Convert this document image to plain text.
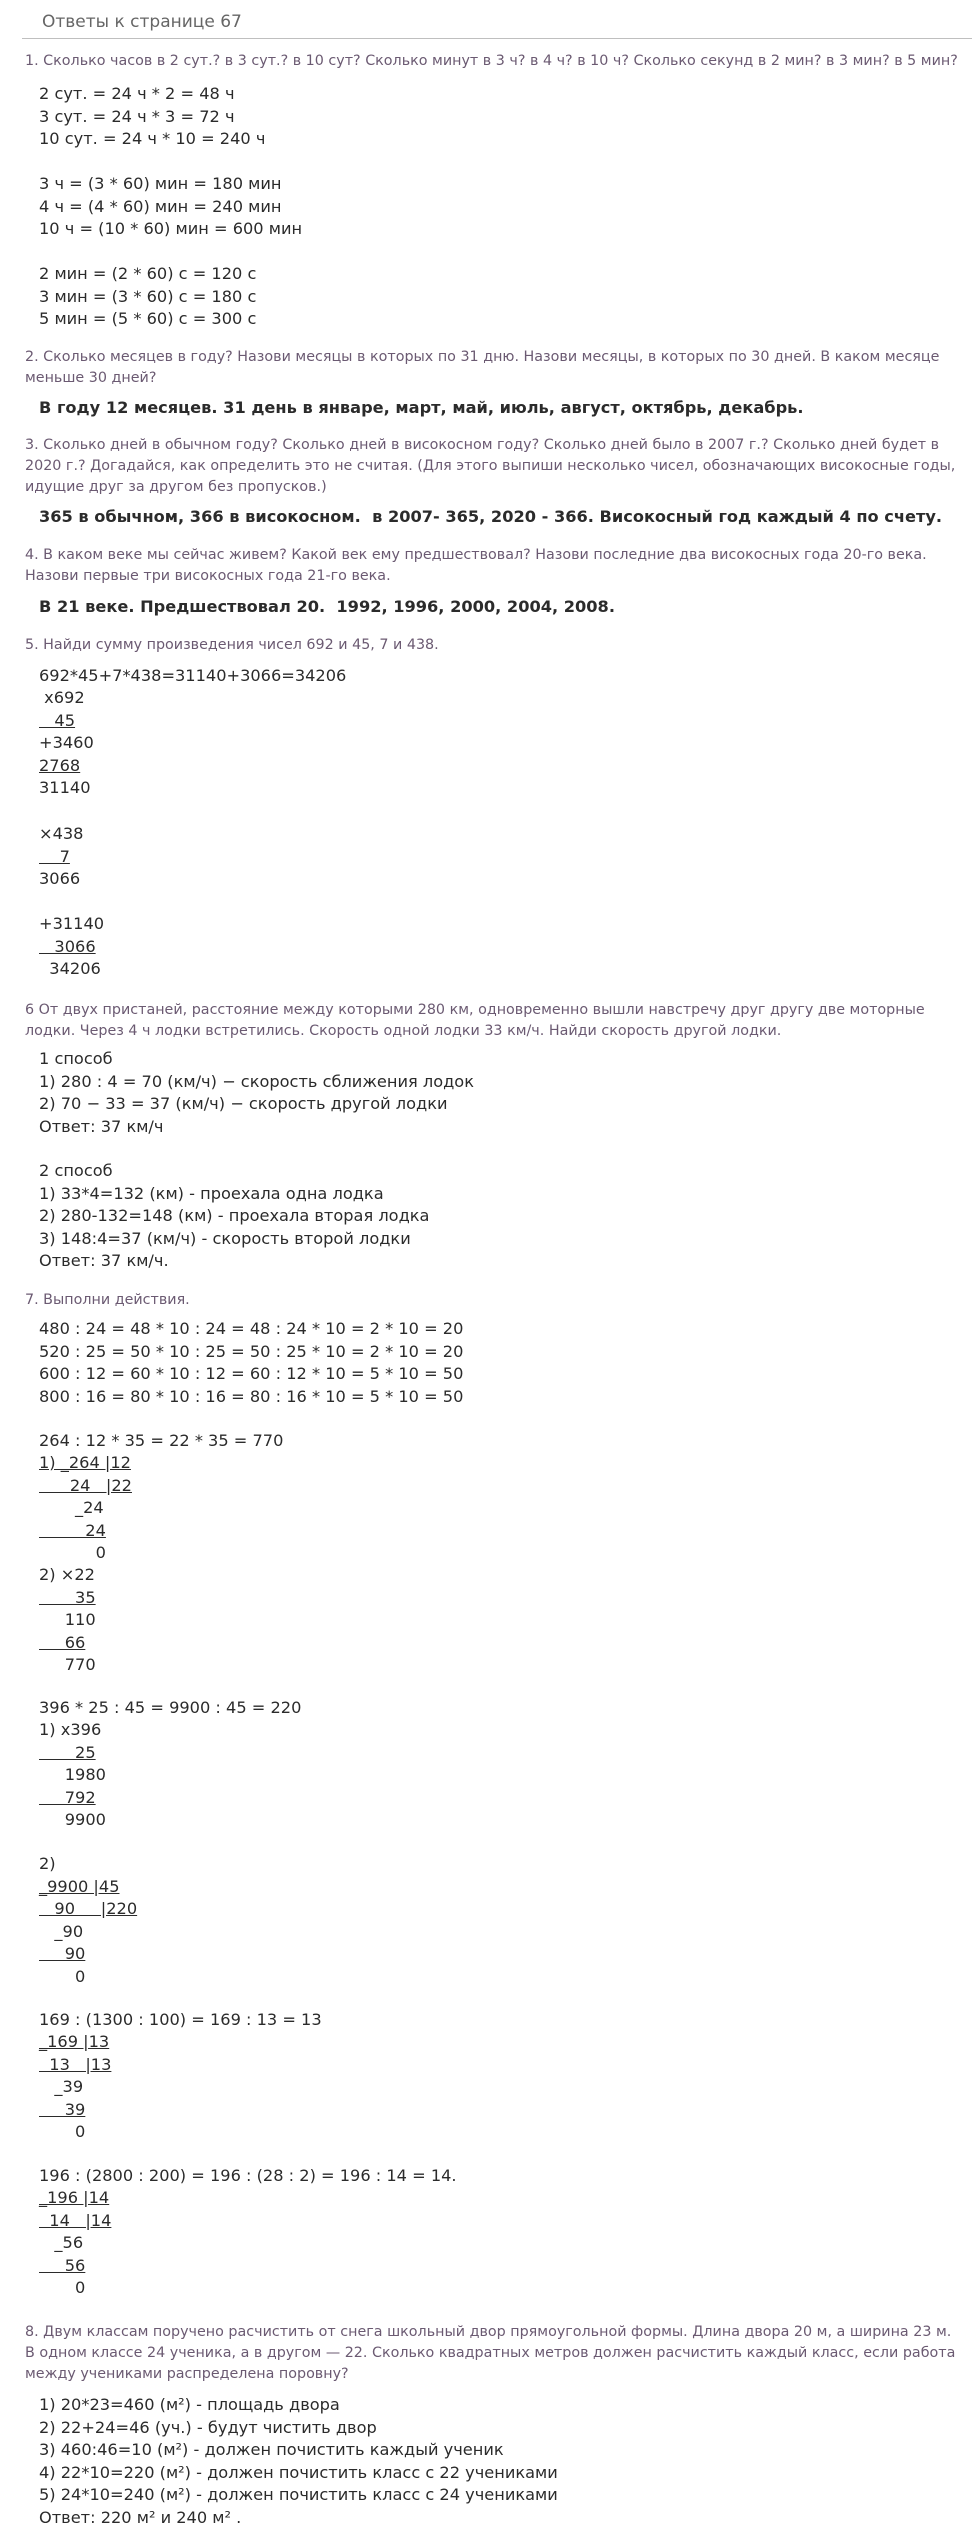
Ответы к странице 67
1. Сколько часов в 2 сут.? в 3 сут.? в 10 сут? Сколько минут в 3 ч? в 4 ч? в 10 ч? Сколько секунд в 2 мин? в 3 мин? в 5 мин?
2 сут. = 24 ч * 2 = 48 ч
3 сут. = 24 ч * 3 = 72 ч
10 сут. = 24 ч * 10 = 240 ч
3 ч = (3 * 60) мин = 180 мин
4 ч = (4 * 60) мин = 240 мин
10 ч = (10 * 60) мин = 600 мин
2 мин = (2 * 60) с = 120 с
3 мин = (3 * 60) с = 180 с
5 мин = (5 * 60) с = 300 с
2. Сколько месяцев в году? Назови месяцы в которых по 31 дню. Назови месяцы, в которых по 30 дней. В каком месяце меньше 30 дней?
В году 12 месяцев. 31 день в январе, март, май, июль, август, октябрь, декабрь.
3. Сколько дней в обычном году? Сколько дней в високосном году? Сколько дней было в 2007 г.? Сколько дней будет в 2020 г.? Догадайся, как определить это не считая. (Для этого выпиши несколько чисел, обозначающих високосные годы, идущие друг за другом без пропусков.)
365 в обычном, 366 в високосном.  в 2007- 365, 2020 - 366. Високосный год каждый 4 по счету.
4. В каком веке мы сейчас живем? Какой век ему предшествовал? Назови последние два високосных года 20-го века. Назови первые три високосных года 21-го века.
В 21 веке. Предшествовал 20.  1992, 1996, 2000, 2004, 2008.
5. Найди сумму произведения чисел 692 и 45, 7 и 438.
692*45+7*438=31140+3066=34206
x692
45
+3460
2768
31140
×438
7
3066
+31140
3066
34206
6 От двух пристаней, расстояние между которыми 280 км, одновременно вышли навстречу друг другу две моторные лодки. Через 4 ч лодки встретились. Скорость одной лодки 33 км/ч. Найди скорость другой лодки.
1 способ
1) 280 : 4 = 70 (км/ч) − скорость сближения лодок
2) 70 − 33 = 37 (км/ч) − скорость другой лодки
Ответ: 37 км/ч
2 способ
1) 33*4=132 (км) - проехала одна лодка
2) 280-132=148 (км) - проехала вторая лодка
3) 148:4=37 (км/ч) - скорость второй лодки
Ответ: 37 км/ч.
7. Выполни действия.
480 : 24 = 48 * 10 : 24 = 48 : 24 * 10 = 2 * 10 = 20
520 : 25 = 50 * 10 : 25 = 50 : 25 * 10 = 2 * 10 = 20
600 : 12 = 60 * 10 : 12 = 60 : 12 * 10 = 5 * 10 = 50
800 : 16 = 80 * 10 : 16 = 80 : 16 * 10 = 5 * 10 = 50
264 : 12 * 35 = 22 * 35 = 770
1) _264 |12
24   |22
_24
24
0
2) ×22
35
110
66
770
396 * 25 : 45 = 9900 : 45 = 220
1) x396
25
1980
792
9900
2)
_9900 |45
90     |220
_90
90
0
169 : (1300 : 100) = 169 : 13 = 13
_169 |13
13   |13
_39
39
0
196 : (2800 : 200) = 196 : (28 : 2) = 196 : 14 = 14.
_196 |14
14   |14
_56
56
0
8. Двум классам поручено расчистить от снега школьный двор прямоугольной формы. Длина двора 20 м, а ширина 23 м. В одном классе 24 ученика, а в другом — 22. Сколько квадратных метров должен расчистить каждый класс, если работа между учениками распределена поровну?
1) 20*23=460 (м²) - площадь двора
2) 22+24=46 (уч.) - будут чистить двор
3) 460:46=10 (м²) - должен почистить каждый ученик
4) 22*10=220 (м²) - должен почистить класс с 22 учениками
5) 24*10=240 (м²) - должен почистить класс с 24 учениками
Ответ: 220 м² и 240 м² .
